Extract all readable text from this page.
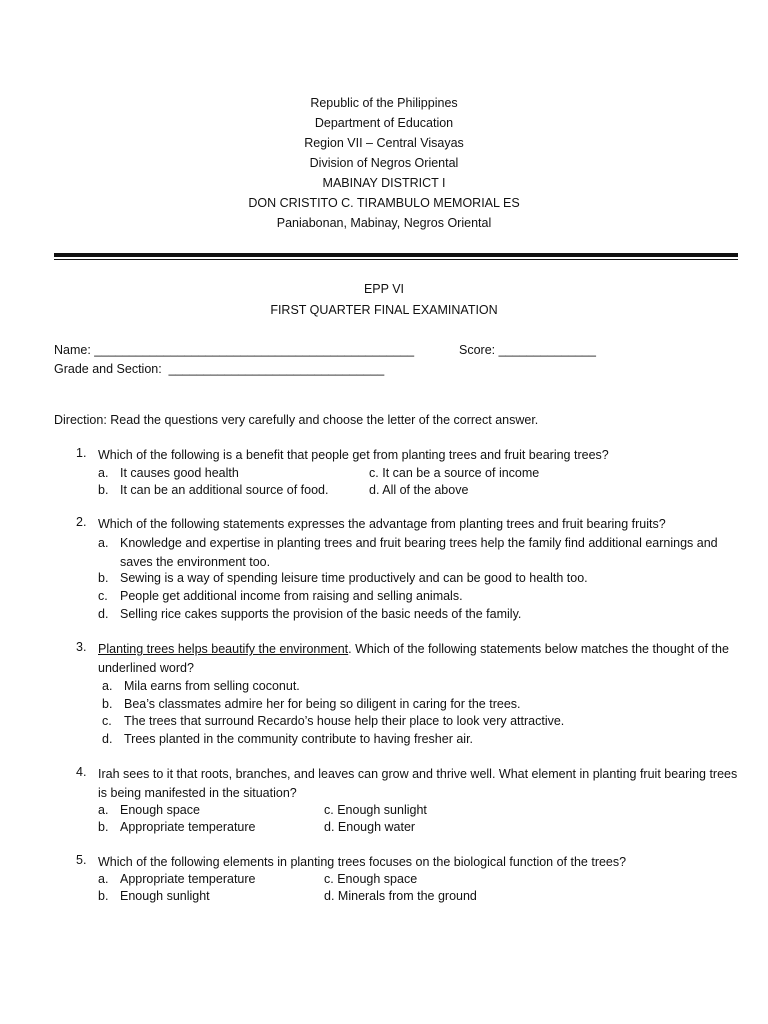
Republic of the Philippines
Department of Education
Region VII – Central Visayas
Division of Negros Oriental
MABINAY DISTRICT I
DON CRISTITO C. TIRAMBULO MEMORIAL ES
Paniabonan, Mabinay, Negros Oriental
EPP VI
FIRST QUARTER FINAL EXAMINATION
Name: ______________________________________________	Score: ______________
Grade and Section:  _______________________________
Direction: Read the questions very carefully and choose the letter of the correct answer.
1. Which of the following is a benefit that people get from planting trees and fruit bearing trees?
a. It causes good health	c. It can be a source of income
b. It can be an additional source of food.	d. All of the above
2. Which of the following statements expresses the advantage from planting trees and fruit bearing fruits?
a. Knowledge and expertise in planting trees and fruit bearing trees help the family find additional earnings and saves the environment too.
b. Sewing is a way of spending leisure time productively and can be good to health too.
c. People get additional income from raising and selling animals.
d. Selling rice cakes supports the provision of the basic needs of the family.
3. Planting trees helps beautify the environment. Which of the following statements below matches the thought of the underlined word?
a. Mila earns from selling coconut.
b. Bea’s classmates admire her for being so diligent in caring for the trees.
c. The trees that surround Recardo’s house help their place to look very attractive.
d. Trees planted in the community contribute to having fresher air.
4. Irah sees to it that roots, branches, and leaves can grow and thrive well. What element in planting fruit bearing trees is being manifested in the situation?
a. Enough space	c. Enough sunlight
b. Appropriate temperature	d. Enough water
5. Which of the following elements in planting trees focuses on the biological function of the trees?
a. Appropriate temperature	c. Enough space
b. Enough sunlight	d. Minerals from the ground
